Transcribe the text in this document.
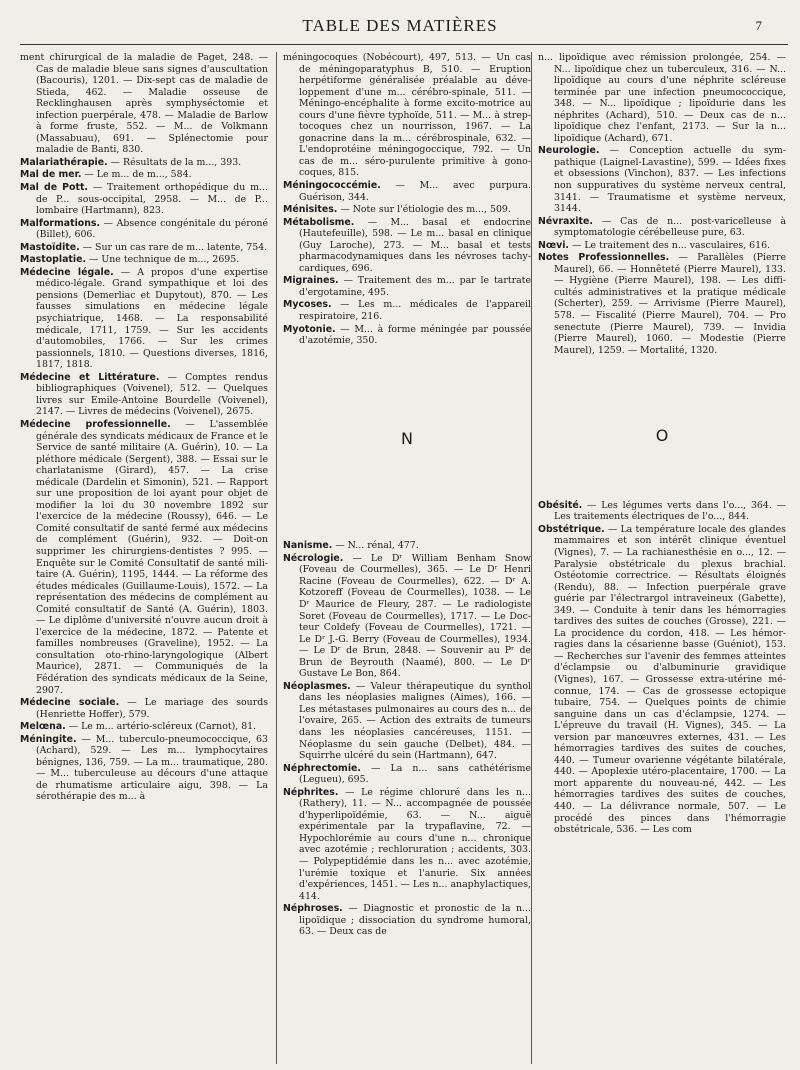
TABLE DES MATIÈRES	7

ment chirurgical de la maladie de Paget, 248. — Cas de maladie bleue sans signes d'auscultation (Bacouris), 1201. — Dix-sept cas de maladie de Stieda, 462. — Maladie osseuse de Recklinghausen après symphyséctomie et infection puerpérale, 478. — Maladie de Barlow à forme fruste, 552. — M... de Volkmann (Massabuau), 691. — Splénectomie pour maladie de Banti, 830.

Malariathérapie. — Résultats de la m..., 393.

Mal de mer. — Le m... de m..., 584.

Mal de Pott. — Traitement orthopédique du m... de P... sous-occipital, 2958. — M... de P... lombaire (Hartmann), 823.

Malformations. — Absence congénitale du péroné (Billet), 606.

Mastoïdite. — Sur un cas rare de m... latente, 754.

Mastoplatie. — Une technique de m..., 2695.

Médecine légale. — A propos d'une expertise médico-légale. Grand sympathique et loi des pensions (Demerliac et Dupytout), 870. — Les fausses simulations en médecine légale psychiatrique, 1468. — La responsabilité médicale, 1711, 1759. — Sur les accidents d'automobiles, 1766. — Sur les crimes passionnels, 1810. — Questions diverses, 1816, 1817, 1818.

Médecine et Littérature. — Comptes rendus bibliographiques (Voivenel), 512. — Quelques livres sur Emile-Antoine Bourdelle (Voivenel), 2147. — Livres de médecins (Voivenel), 2675.

Médecine professionnelle. — L'assemblée générale des syndicats médicaux de France et le Service de santé militaire (A. Guérin), 10. — La pléthore médicale (Sergent), 388. — Essai sur le charlatanisme (Girard), 457. — La crise médicale (Dardelin et Simonin), 521. — Rapport sur une proposition de loi ayant pour objet de modifier la loi du 30 novembre 1892 sur l'exercice de la médecine (Roussy), 646. — Le Comité consultatif de santé fermé aux médecins de complément (Guérin), 932. — Doit-on supprimer les chirurgiens-dentistes ? 995. — Enquête sur le Comité Consultatif de santé militaire (A. Guérin), 1195, 1444. — La réforme des études médicales (Guillaume-Louis), 1572. — La représentation des médecins de complément au Comité consultatif de Santé (A. Guérin), 1803. — Le diplôme d'université n'ouvre aucun droit à l'exercice de la médecine, 1872. — Patente et familles nombreuses (Graveline), 1952. — La consultation oto-rhino-laryngologique (Albert Maurice), 2871. — Communiqués de la Fédération des syndicats médicaux de la Seine, 2907.

Médecine sociale. — Le mariage des sourds (Henriette Hoffer), 579.

Melœna. — Le m... artério-scléreux (Carnot), 81.

Méningite. — M... tuberculo-pneumococcique, 63 (Achard), 529. — Les m... lymphocytaires bénignes, 136, 759. — La m... traumatique, 280. — M... tuberculeuse au décours d'une attaque de rhumatisme articulaire aigu, 398. — La sérothérapie des m... à

méningocoques (Nobécourt), 497, 513. — Un cas de méningoparatyphus B, 510. — Eruption herpétiforme généralisée préalable au développement d'une m... cérébro-spinale, 511. — Méningo-encéphalite à forme excito-motrice au cours d'une fièvre typhoïde, 511. — M... à streptocoques chez un nourrisson, 1967. — La gonacrine dans la m... cérébrospinale, 632. — L'endoprotéine méningogoccique, 792. — Un cas de m... séro-purulente primitive à gonocoques, 815.

Méningococcémie. — M... avec purpura. Guérison, 344.

Ménisites. — Note sur l'étiologie des m..., 509.

Métabolisme. — M... basal et endocrine (Hautefeuille), 598. — Le m... basal en clinique (Guy Laroche), 273. — M... basal et tests pharmacodynamiques dans les névroses tachycardiques, 696.

Migraines. — Traitement des m... par le tartrate d'ergotamine, 495.

Mycoses. — Les m... médicales de l'appareil respiratoire, 216.

Myotonie. — M... à forme méningée par poussée d'azotémie, 350.

N

Nanisme. — N... rénal, 477.

Nécrologie. — Le Dʳ William Benham Snow (Foveau de Courmelles), 365. — Le Dʳ Henri Racine (Foveau de Courmelles), 622. — Dʳ A. Kotzoreff (Foveau de Courmelles), 1038. — Le Dʳ Maurice de Fleury, 287. — Le radiologiste Soret (Foveau de Courmelles), 1717. — Le Docteur Coldefy (Foveau de Courmelles), 1721. — Le Dʳ J.-G. Berry (Foveau de Courmelles), 1934. — Le Dʳ de Brun, 2848. — Souvenir au Pʳ de Brun de Beyrouth (Naamé), 800. — Le Dʳ Gustave Le Bon, 864.

Néoplasmes. — Valeur thérapeutique du synthol dans les néoplasies malignes (Aimes), 166. — Les métastases pulmonaires au cours des n... de l'ovaire, 265. — Action des extraits de tumeurs dans les néoplasies cancéreuses, 1151. — Néoplasme du sein gauche (Delbet), 484. — Squirrhe ulcéré du sein (Hartmann), 647.

Néphrectomie. — La n... sans cathétérisme (Legueu), 695.

Néphrites. — Le régime chloruré dans les n... (Rathery), 11. — N... accompagnée de poussée d'hyperlipoïdémie, 63. — N... aiguë expérimentale par la trypaflavine, 72. — Hypochlorémie au cours d'une n... chronique avec azotémie ; rechloruration ; accidents, 303. — Polypeptidémie dans les n... avec azotémie, l'urémie toxique et l'anurie. Six années d'expériences, 1451. — Les n... anaphylactiques, 414.

Néphroses. — Diagnostic et pronostic de la n... lipoïdique ; dissociation du syndrome humoral, 63. — Deux cas de

n... lipoïdique avec rémission prolongée, 254. — N... lipoïdique chez un tuberculeux, 316. — N... lipoïdique au cours d'une néphrite scléreuse terminée par une infection pneumococcique, 348. — N... lipoïdique ; lipoïdurie dans les néphrites (Achard), 510. — Deux cas de n... lipoïdique chez l'enfant, 2173. — Sur la n... lipoïdique (Achard), 671.

Neurologie. — Conception actuelle du sympathique (Laignel-Lavastine), 599. — Idées fixes et obsessions (Vinchon), 837. — Les infections non suppuratives du système nerveux central, 3141. — Traumatisme et système nerveux, 3144.

Névraxite. — Cas de n... post-varicelleuse à symptomatologie cérébelleuse pure, 63.

Nœvi. — Le traitement des n... vasculaires, 616.

Notes Professionnelles. — Parallèles (Pierre Maurel), 66. — Honnêteté (Pierre Maurel), 133. — Hygiène (Pierre Maurel), 198. — Les difficultés administratives et la pratique médicale (Scherter), 259. — Arrivisme (Pierre Maurel), 578. — Fiscalité (Pierre Maurel), 704. — Pro senectute (Pierre Maurel), 739. — Invidia (Pierre Maurel), 1060. — Modestie (Pierre Maurel), 1259. — Mortalité, 1320.

O

Obésité. — Les légumes verts dans l'o..., 364. — Les traitements électriques de l'o..., 844.

Obstétrique. — La température locale des glandes mammaires et son intérêt clinique éventuel (Vignes), 7. — La rachianesthésie en o..., 12. — Paralysie obstétricale du plexus brachial. Ostéotomie correctrice. — Résultats éloignés (Rendu), 88. — Infection puerpérale grave guérie par l'électrargol intraveineux (Gabette), 349. — Conduite à tenir dans les hémorragies tardives des suites de couches (Grosse), 221. — La procidence du cordon, 418. — Les hémorragies dans la césarienne basse (Guéniot), 153. — Recherches sur l'avenir des femmes atteintes d'éclampsie ou d'albuminurie gravidique (Vignes), 167. — Grossesse extra-utérine méconnue, 174. — Cas de grossesse ectopique tubaire, 754. — Quelques points de chimie sanguine dans un cas d'éclampsie, 1274. — L'épreuve du travail (H. Vignes), 345. — La version par manœuvres externes, 431. — Les hémorragies tardives des suites de couches, 440. — Tumeur ovarienne végétante bilatérale, 440. — Apoplexie utéro-placentaire, 1700. — La mort apparente du nouveau-né, 442. — Les hémorragies tardives des suites de couches, 440. — La délivrance normale, 507. — Le procédé des pinces dans l'hémorragie obstétricale, 536. — Les com
